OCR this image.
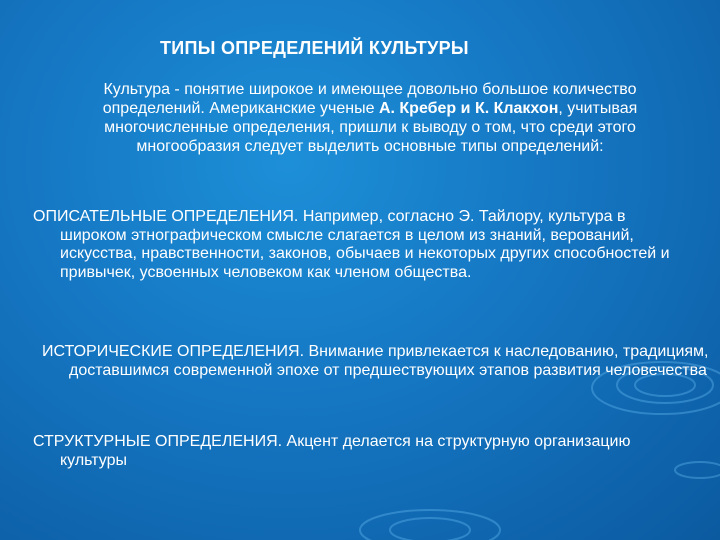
ТИПЫ ОПРЕДЕЛЕНИЙ КУЛЬТУРЫ
Культура - понятие широкое и имеющее довольно большое количество определений. Американские ученые А. Кребер и К. Клакхон, учитывая многочисленные определения, пришли к выводу о том, что среди этого многообразия следует выделить основные типы определений:
ОПИСАТЕЛЬНЫЕ ОПРЕДЕЛЕНИЯ. Например, согласно Э. Тайлору, культура в широком этнографическом смысле слагается в целом из знаний, верований, искусства, нравственности, законов, обычаев и некоторых других способностей и привычек, усвоенных человеком как членом общества.
ИСТОРИЧЕСКИЕ ОПРЕДЕЛЕНИЯ. Внимание привлекается к наследованию, традициям, доставшимся современной эпохе от предшествующих этапов развития человечества
СТРУКТУРНЫЕ ОПРЕДЕЛЕНИЯ. Акцент делается на структурную организацию культуры
